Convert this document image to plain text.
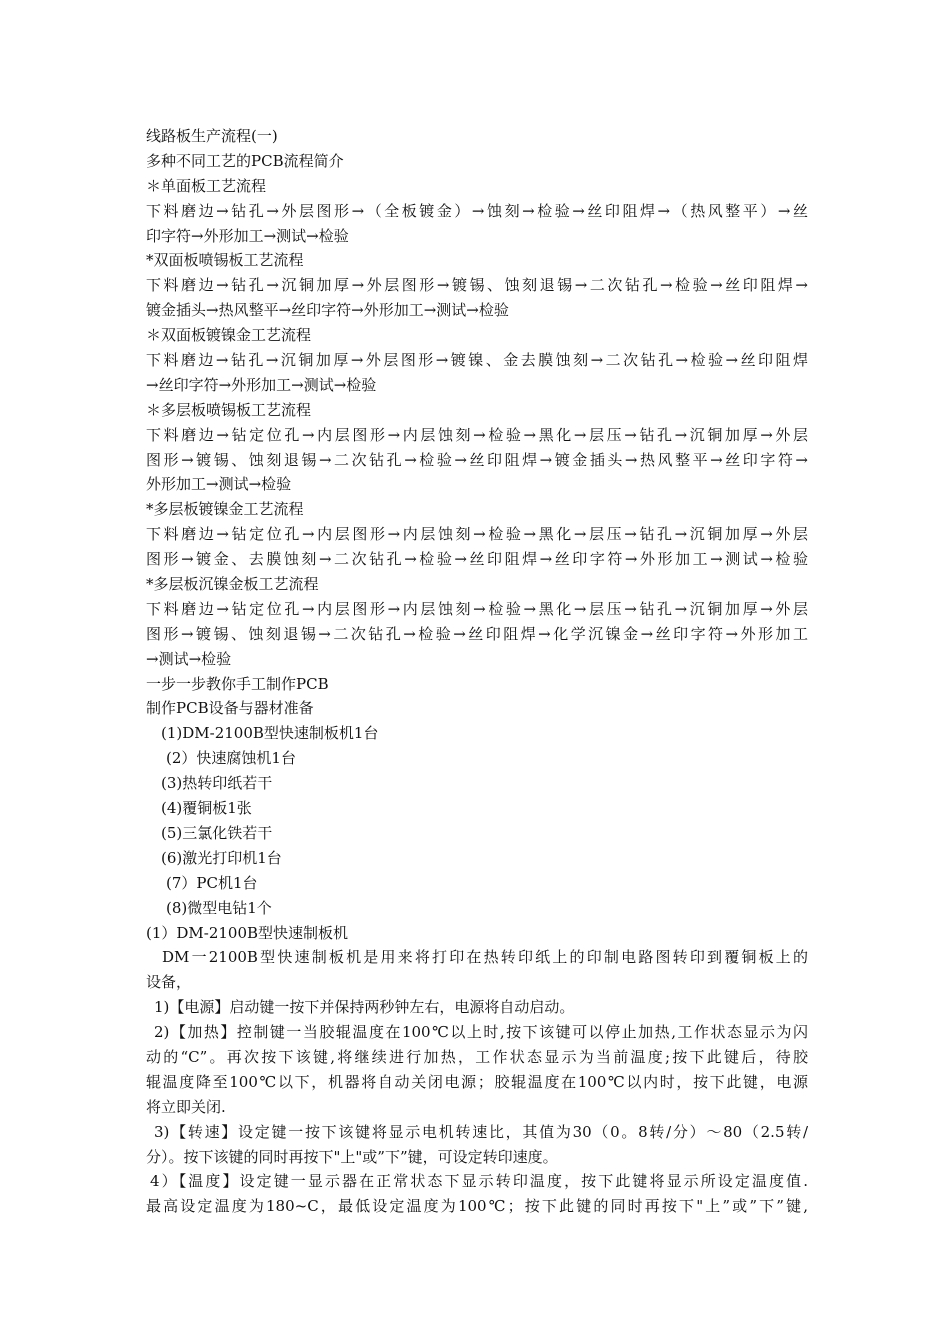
线路板生产流程(一)
多种不同工艺的PCB流程简介
＊单面板工艺流程
下料磨边→钻孔→外层图形→（全板镀金）→蚀刻→检验→丝印阻焊→（热风整平）→丝
印字符→外形加工→测试→检验
*双面板喷锡板工艺流程
下料磨边→钻孔→沉铜加厚→外层图形→镀锡、蚀刻退锡→二次钻孔→检验→丝印阻焊→
镀金插头→热风整平→丝印字符→外形加工→测试→检验
＊双面板镀镍金工艺流程
下料磨边→钻孔→沉铜加厚→外层图形→镀镍、金去膜蚀刻→二次钻孔→检验→丝印阻焊
→丝印字符→外形加工→测试→检验
＊多层板喷锡板工艺流程
下料磨边→钻定位孔→内层图形→内层蚀刻→检验→黑化→层压→钻孔→沉铜加厚→外层
图形→镀锡、蚀刻退锡→二次钻孔→检验→丝印阻焊→镀金插头→热风整平→丝印字符→
外形加工→测试→检验
*多层板镀镍金工艺流程
下料磨边→钻定位孔→内层图形→内层蚀刻→检验→黑化→层压→钻孔→沉铜加厚→外层
图形→镀金、去膜蚀刻→二次钻孔→检验→丝印阻焊→丝印字符→外形加工→测试→检验
*多层板沉镍金板工艺流程
下料磨边→钻定位孔→内层图形→内层蚀刻→检验→黑化→层压→钻孔→沉铜加厚→外层
图形→镀锡、蚀刻退锡→二次钻孔→检验→丝印阻焊→化学沉镍金→丝印字符→外形加工
→测试→检验
一步一步教你手工制作PCB
制作PCB设备与器材准备
(1)DM-2100B型快速制板机1台
(2）快速腐蚀机1台
(3)热转印纸若干
(4)覆铜板1张
(5)三氯化铁若干
(6)激光打印机1台
(7）PC机1台
(8)微型电钻1个
(1）DM-2100B型快速制板机
DM一2100B型快速制板机是用来将打印在热转印纸上的印制电路图转印到覆铜板上的
设备，
1)【电源】启动键一按下并保持两秒钟左右，电源将自动启动。
2)【加热】控制键一当胶辊温度在100℃以上时,按下该键可以停止加热,工作状态显示为闪
动的“C”。再次按下该键,将继续进行加热，工作状态显示为当前温度;按下此键后，待胶
辊温度降至100℃以下，机器将自动关闭电源；胶辊温度在100℃以内时，按下此键，电源
将立即关闭.
3)【转速】设定键一按下该键将显示电机转速比，其值为30（0。8转/分）～80（2.5转/
分）。按下该键的同时再按下"上"或”下”键，可设定转印速度。
4）【温度】设定键一显示器在正常状态下显示转印温度，按下此键将显示所设定温度值.
最高设定温度为180~C，最低设定温度为100℃；按下此键的同时再按下"上”或”下”键,
